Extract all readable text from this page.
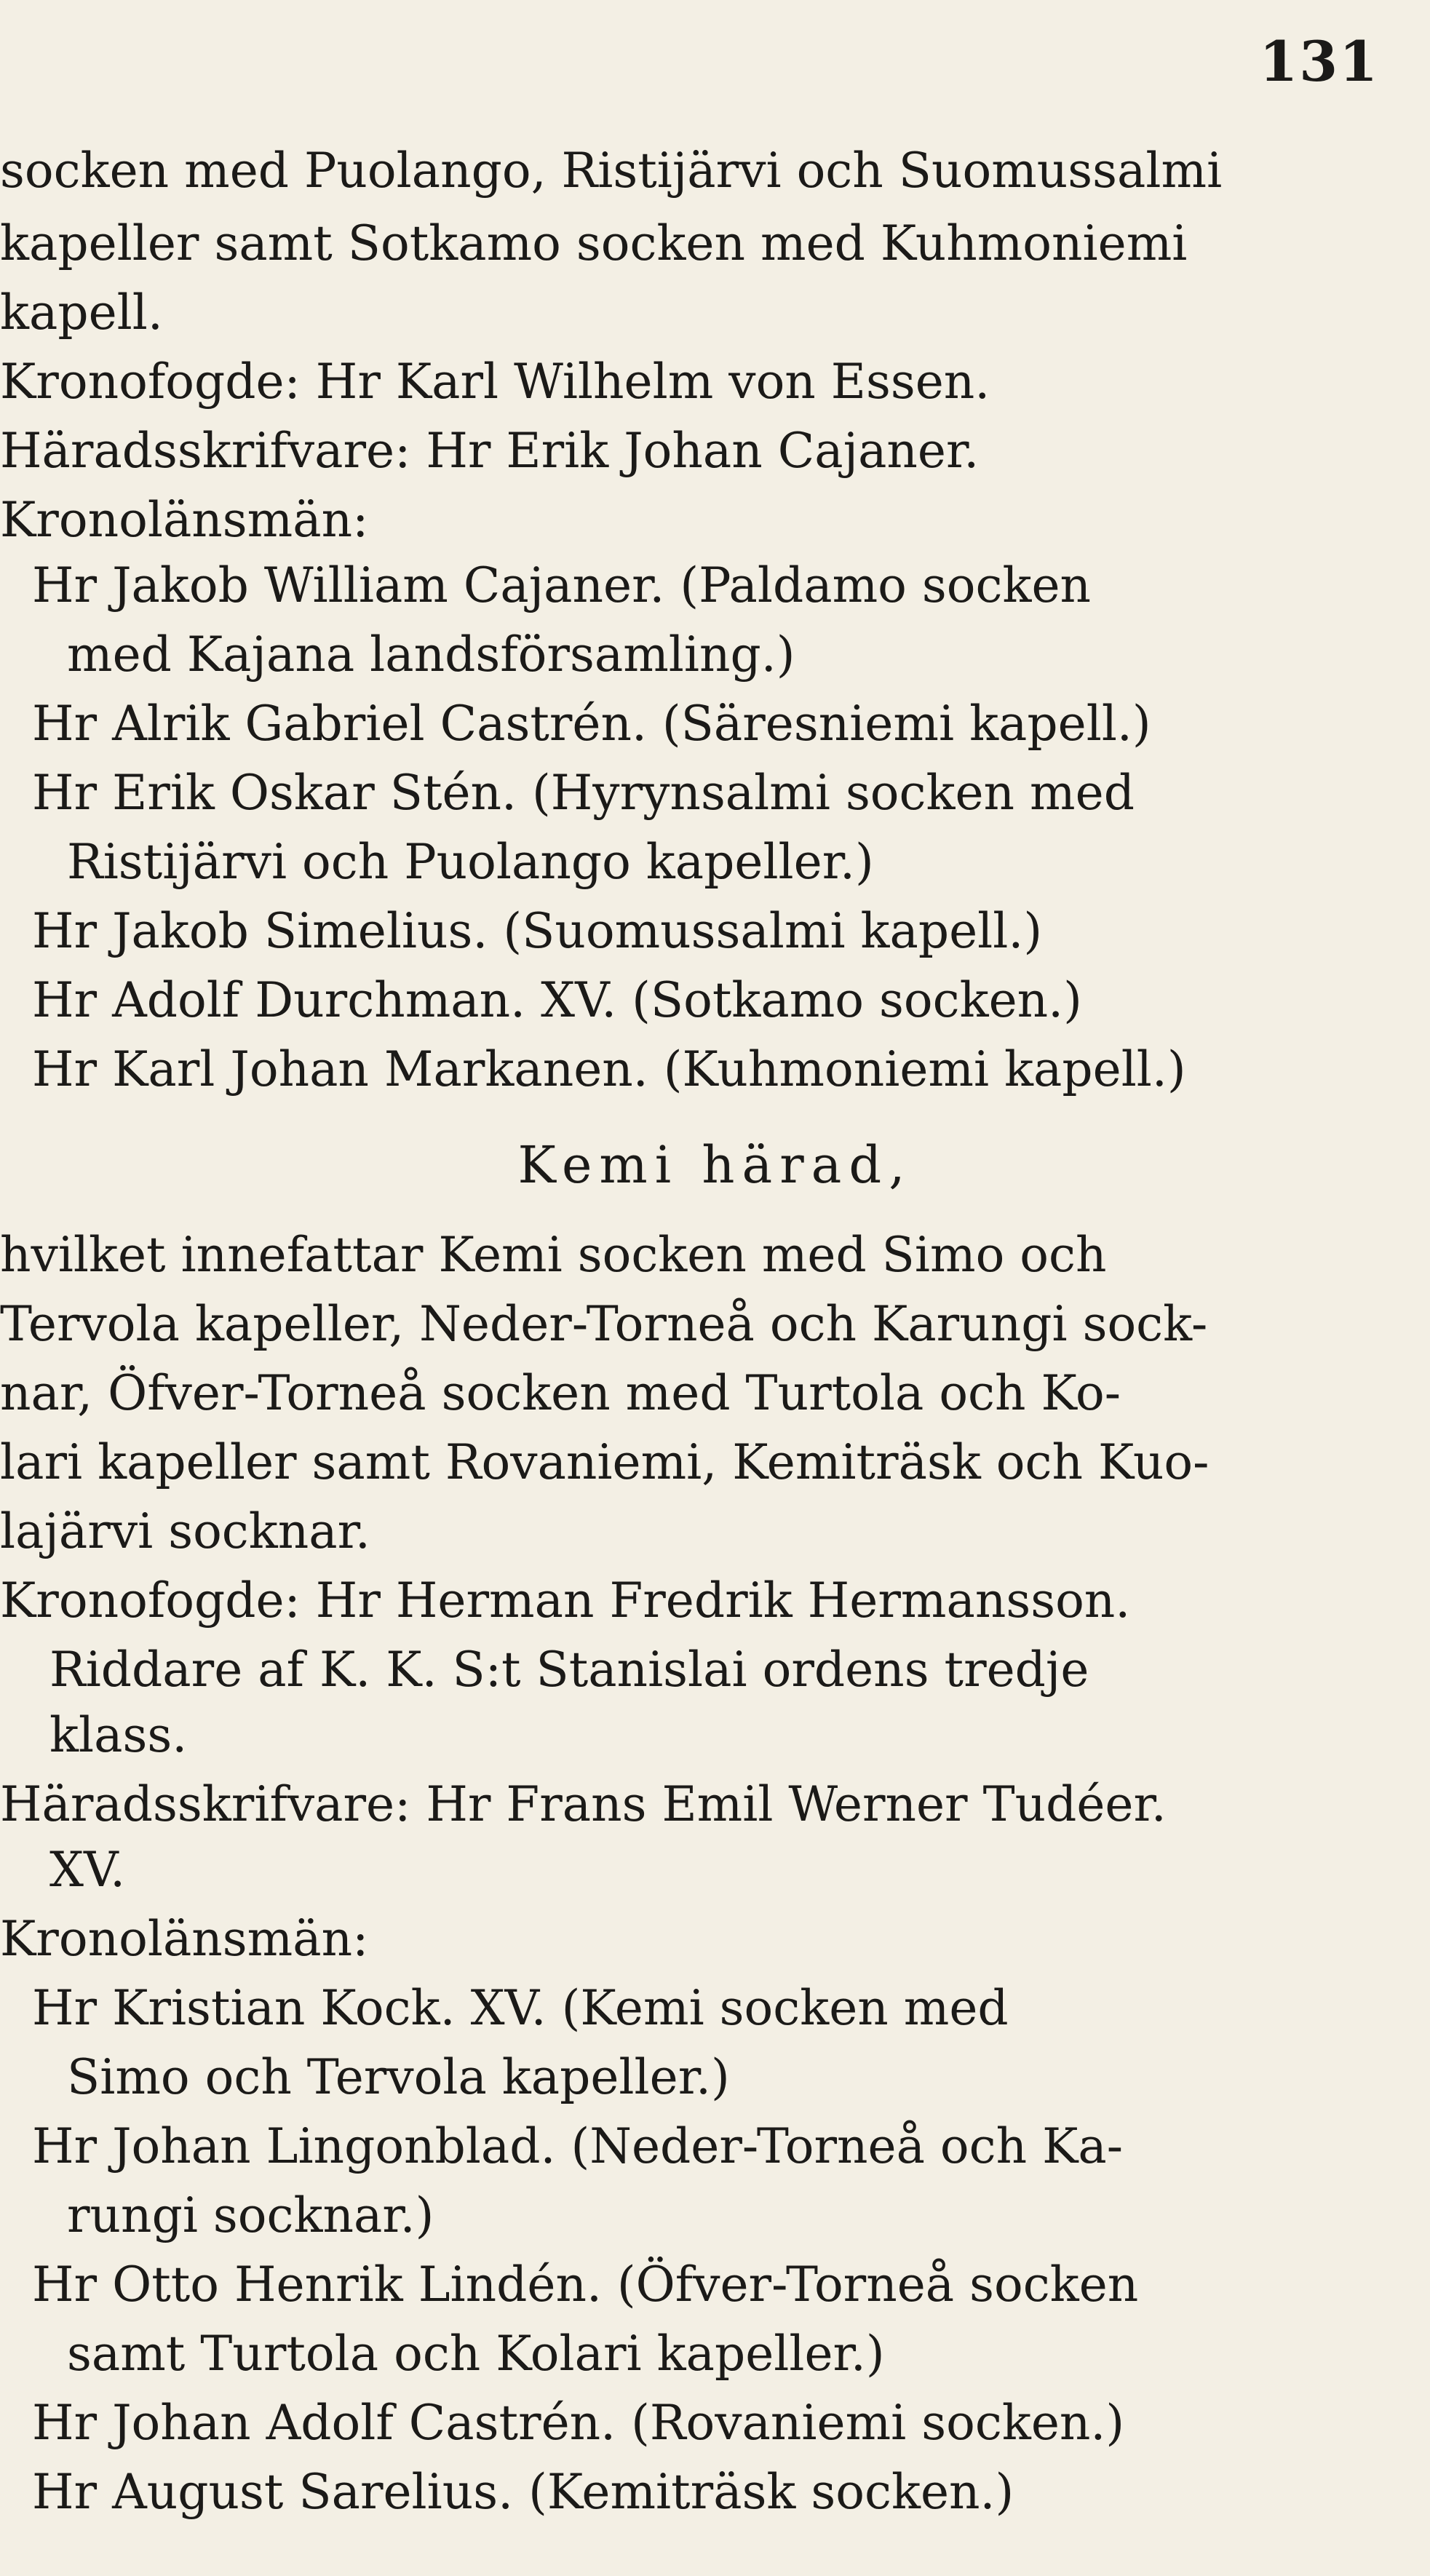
131
socken med Puolango, Ristijärvi och Suomussalmi
kapeller samt Sotkamo socken med Kuhmoniemi
kapell.
Kronofogde: Hr Karl Wilhelm von Essen.
Häradsskrifvare: Hr Erik Johan Cajaner.
Kronolänsmän:
Hr Jakob William Cajaner. (Paldamo socken
med Kajana landsförsamling.)
Hr Alrik Gabriel Castrén. (Säresniemi kapell.)
Hr Erik Oskar Stén. (Hyrynsalmi socken med
Ristijärvi och Puolango kapeller.)
Hr Jakob Simelius. (Suomussalmi kapell.)
Hr Adolf Durchman. XV. (Sotkamo socken.)
Hr Karl Johan Markanen. (Kuhmoniemi kapell.)
Kemi härad,
hvilket innefattar Kemi socken med Simo och
Tervola kapeller, Neder-Torneå och Karungi sock-
nar, Öfver-Torneå socken med Turtola och Ko-
lari kapeller samt Rovaniemi, Kemiträsk och Kuo-
lajärvi socknar.
Kronofogde: Hr Herman Fredrik Hermansson.
Riddare af K. K. S:t Stanislai ordens tredje
klass.
Häradsskrifvare: Hr Frans Emil Werner Tudéer.
XV.
Kronolänsmän:
Hr Kristian Kock. XV. (Kemi socken med
Simo och Tervola kapeller.)
Hr Johan Lingonblad. (Neder-Torneå och Ka-
rungi socknar.)
Hr Otto Henrik Lindén. (Öfver-Torneå socken
samt Turtola och Kolari kapeller.)
Hr Johan Adolf Castrén. (Rovaniemi socken.)
Hr August Sarelius. (Kemiträsk socken.)
